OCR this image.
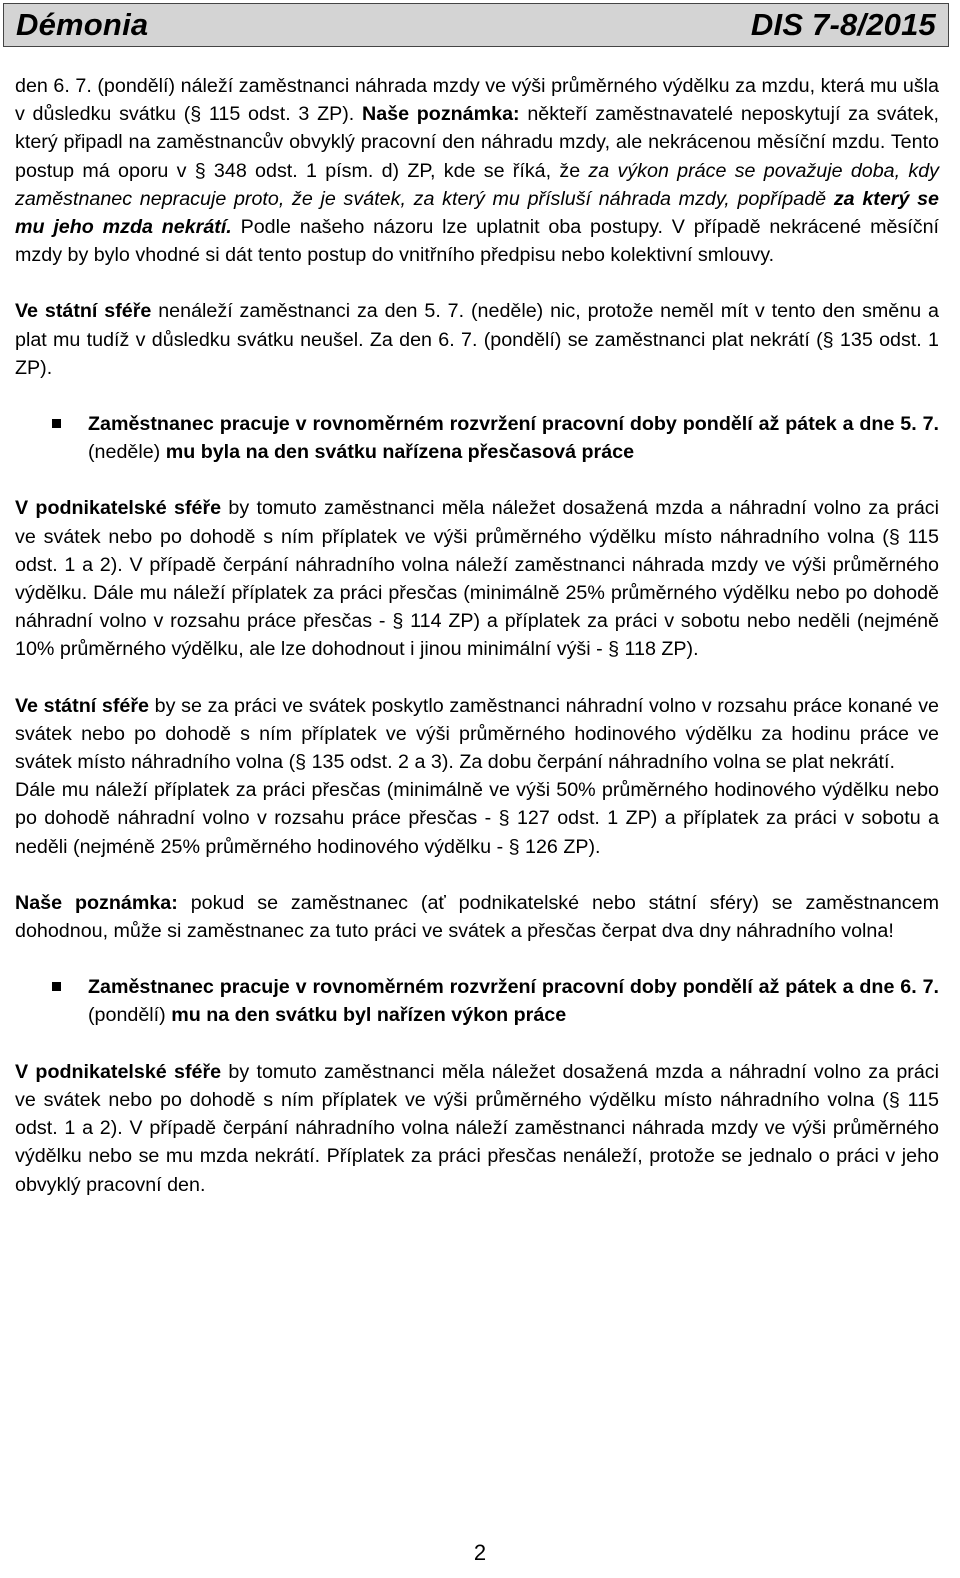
Démonia	DIS 7-8/2015

den 6. 7. (pondělí) náleží zaměstnanci náhrada mzdy ve výši průměrného výdělku za mzdu, která mu ušla v důsledku svátku (§ 115 odst. 3 ZP). Naše poznámka: někteří zaměstnavatelé neposkytují za svátek, který připadl na zaměstnancův obvyklý pracovní den náhradu mzdy, ale nekrácenou měsíční mzdu. Tento postup má oporu v § 348 odst. 1 písm. d) ZP, kde se říká, že za výkon práce se považuje doba, kdy zaměstnanec nepracuje proto, že je svátek, za který mu přísluší náhrada mzdy, popřípadě za který se mu jeho mzda nekrátí. Podle našeho názoru lze uplatnit oba postupy. V případě nekrácené měsíční mzdy by bylo vhodné si dát tento postup do vnitřního předpisu nebo kolektivní smlouvy.

Ve státní sféře nenáleží zaměstnanci za den 5. 7. (neděle) nic, protože neměl mít v tento den směnu a plat mu tudíž v důsledku svátku neušel. Za den 6. 7. (pondělí) se zaměstnanci plat nekrátí (§ 135 odst. 1 ZP).

Zaměstnanec pracuje v rovnoměrném rozvržení pracovní doby pondělí až pátek a dne 5. 7. (neděle) mu byla na den svátku nařízena přesčasová práce

V podnikatelské sféře by tomuto zaměstnanci měla náležet dosažená mzda a náhradní volno za práci ve svátek nebo po dohodě s ním příplatek ve výši průměrného výdělku místo náhradního volna (§ 115 odst. 1 a 2). V případě čerpání náhradního volna náleží zaměstnanci náhrada mzdy ve výši průměrného výdělku. Dále mu náleží příplatek za práci přesčas (minimálně 25% průměrného výdělku nebo po dohodě náhradní volno v rozsahu práce přesčas - § 114 ZP) a příplatek za práci v sobotu nebo neděli (nejméně 10% průměrného výdělku, ale lze dohodnout i jinou minimální výši - § 118 ZP).

Ve státní sféře by se za práci ve svátek poskytlo zaměstnanci náhradní volno v rozsahu práce konané ve svátek nebo po dohodě s ním příplatek ve výši průměrného hodinového výdělku za hodinu práce ve svátek místo náhradního volna (§ 135 odst. 2 a 3). Za dobu čerpání náhradního volna se plat nekrátí.

Dále mu náleží příplatek za práci přesčas (minimálně ve výši 50% průměrného hodinového výdělku nebo po dohodě náhradní volno v rozsahu práce přesčas - § 127 odst. 1 ZP) a příplatek za práci v sobotu a neděli (nejméně 25% průměrného hodinového výdělku - § 126 ZP).

Naše poznámka: pokud se zaměstnanec (ať podnikatelské nebo státní sféry) se zaměstnancem dohodnou, může si zaměstnanec za tuto práci ve svátek a přesčas čerpat dva dny náhradního volna!

Zaměstnanec pracuje v rovnoměrném rozvržení pracovní doby pondělí až pátek a dne 6. 7. (pondělí) mu na den svátku byl nařízen výkon práce

V podnikatelské sféře by tomuto zaměstnanci měla náležet dosažená mzda a náhradní volno za práci ve svátek nebo po dohodě s ním příplatek ve výši průměrného výdělku místo náhradního volna (§ 115 odst. 1 a 2). V případě čerpání náhradního volna náleží zaměstnanci náhrada mzdy ve výši průměrného výdělku nebo se mu mzda nekrátí. Příplatek za práci přesčas nenáleží, protože se jednalo o práci v jeho obvyklý pracovní den.

2
